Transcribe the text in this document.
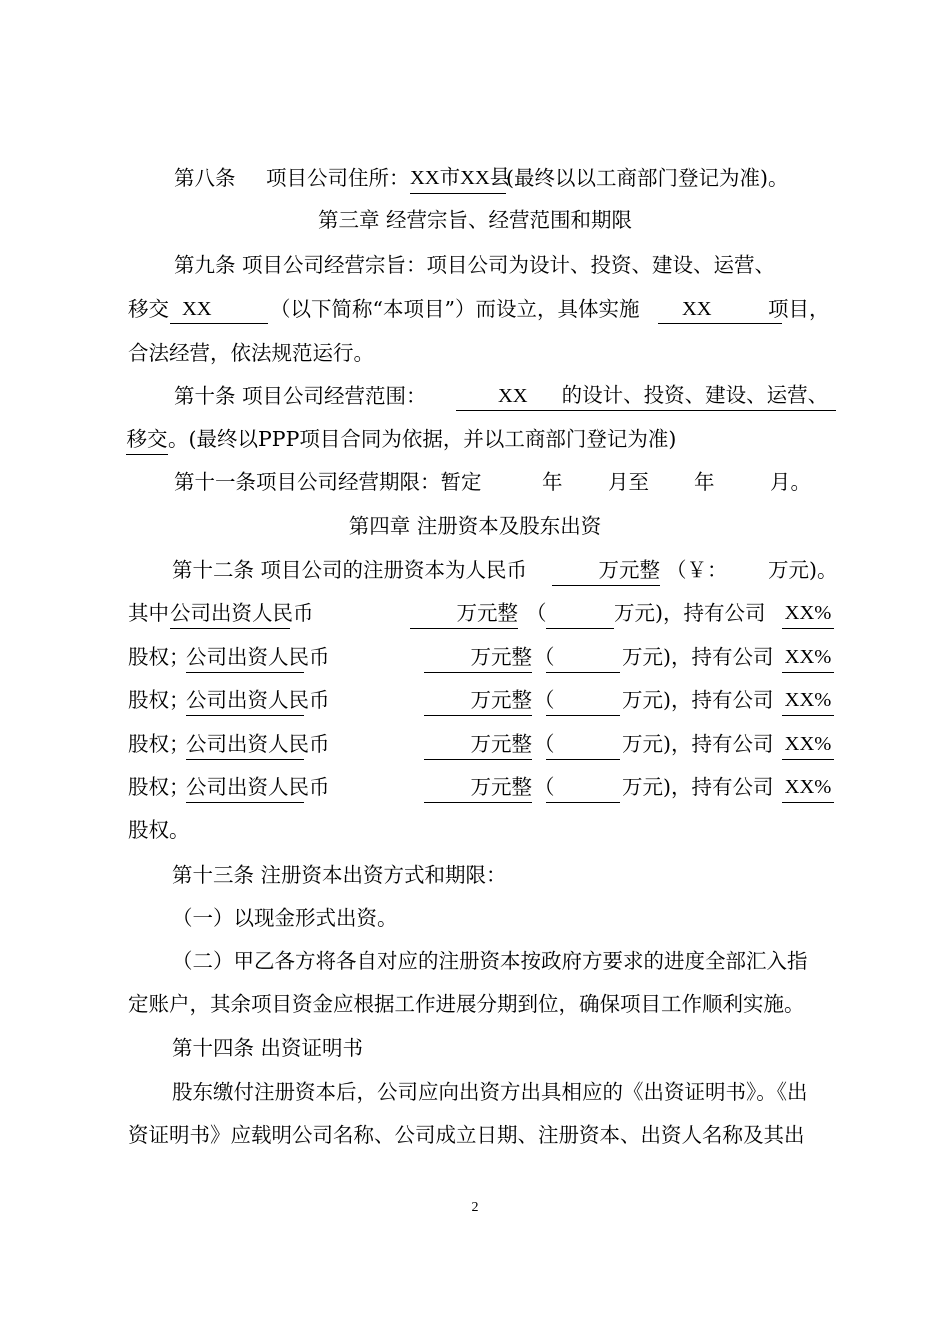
第八条 项目公司住所： XX市XX县
(最终以以工商部门登记为准)。
第三章 经营宗旨、经营范围和期限
第九条 项目公司经营宗旨：项目公司为设计、投资、建设、运营、
移交 XX	（以下简称“本项目”）而设立，具体实施	XX	项目，
合法经营，依法规范运行。
第十条 项目公司经营范围：	XX 的设计、投资、建设、运营、
移交 。(最终以PPP项目合同为依据，并以工商部门登记为准)
第十一条项目公司经营期限：暂定	年 月至 年	月。
第四章 注册资本及股东出资
第十二条 项目公司的注册资本为人民币	万元整 （￥： 万元)。
其中 公司出资人民币	万元整 （	万元)，持有公司 XX%
股权；
公司出资人民币	万元整 （	万元)，持有公司 XX%
股权；
公司出资人民币	万元整 （	万元)，持有公司 XX%
股权；
公司出资人民币	万元整 （	万元)，持有公司 XX%
股权；
公司出资人民币	万元整 （	万元)，持有公司 XX%
股权。
第十三条 注册资本出资方式和期限：
（一）以现金形式出资。
（二）甲乙各方将各自对应的注册资本按政府方要求的进度全部汇入指
定账户，其余项目资金应根据工作进展分期到位，确保项目工作顺利实施。
第十四条 出资证明书
股东缴付注册资本后，公司应向出资方出具相应的《出资证明书》。《出
资证明书》应载明公司名称、公司成立日期、注册资本、出资人名称及其出
2
